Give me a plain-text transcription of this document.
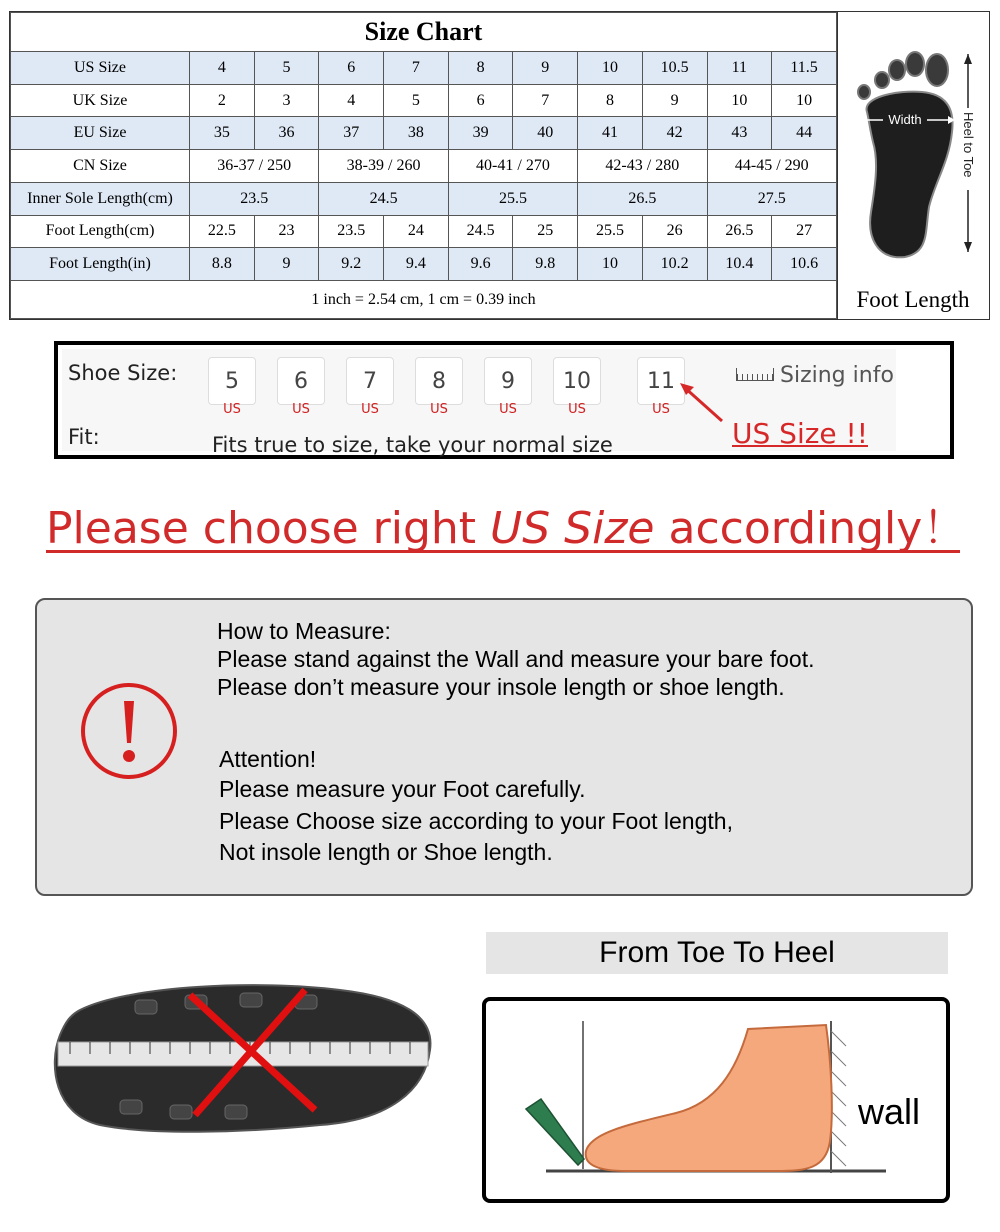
Size Chart										
US Size	4	5	6	7	8	9	10	10.5	11	11.5
UK Size	2	3	4	5	6	7	8	9	10	10
EU Size	35	36	37	38	39	40	41	42	43	44
CN Size	36-37 / 250		38-39 / 260		40-41 / 270		42-43 / 280		44-45 / 290	
Inner Sole Length(cm)	23.5		24.5		25.5		26.5		27.5	
Foot Length(cm)	22.5	23	23.5	24	24.5	25	25.5	26	26.5	27
Foot Length(in)	8.8	9	9.2	9.4	9.6	9.8	10	10.2	10.4	10.6
1 inch = 2.54 cm, 1 cm = 0.39 inch										
Width	Heel to Toe
Foot Length
Shoe Size:	5
US
6
US
7
US
8
US
9
US
10
US
11
US
Sizing info
Fit:	Fits true to size, take your normal size	US Size !!
Please choose right US Size accordingly！
How to Measure:
Please stand against the Wall and measure your bare foot.
Please don’t measure your insole length or shoe length.
Attention!
Please measure your Foot carefully.
Please Choose size according to your Foot length,
Not insole length or Shoe length.
From Toe To Heel
wall
